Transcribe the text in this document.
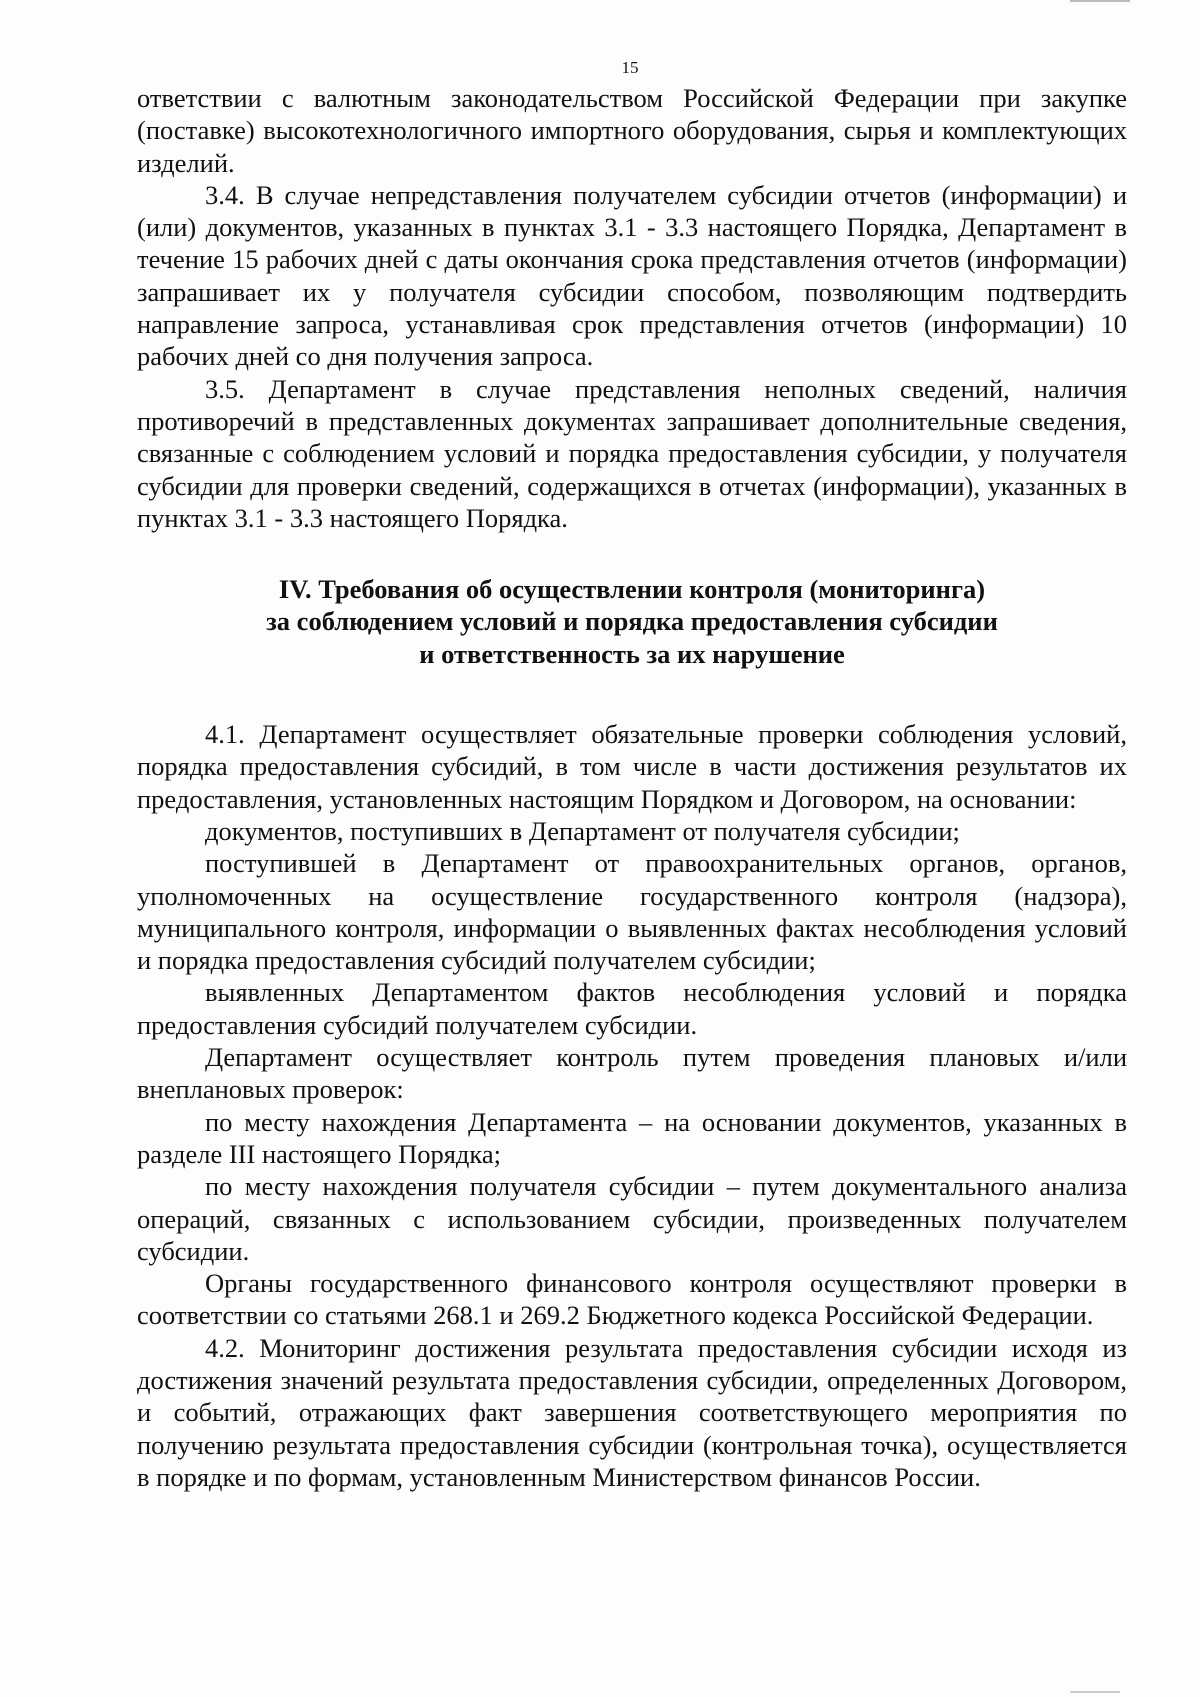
15

ответствии с валютным законодательством Российской Федерации при закупке (поставке) высокотехнологичного импортного оборудования, сырья и комплектующих изделий.

3.4. В случае непредставления получателем субсидии отчетов (информации) и (или) документов, указанных в пунктах 3.1 - 3.3 настоящего Порядка, Департамент в течение 15 рабочих дней с даты окончания срока представления отчетов (информации) запрашивает их у получателя субсидии способом, позволяющим подтвердить направление запроса, устанавливая срок представления отчетов (информации) 10 рабочих дней со дня получения запроса.

3.5. Департамент в случае представления неполных сведений, наличия противоречий в представленных документах запрашивает дополнительные сведения, связанные с соблюдением условий и порядка предоставления субсидии, у получателя субсидии для проверки сведений, содержащихся в отчетах (информации), указанных в пунктах 3.1 - 3.3 настоящего Порядка.

IV. Требования об осуществлении контроля (мониторинга)
за соблюдением условий и порядка предоставления субсидии
и ответственность за их нарушение

4.1. Департамент осуществляет обязательные проверки соблюдения условий, порядка предоставления субсидий, в том числе в части достижения результатов их предоставления, установленных настоящим Порядком и Договором, на основании:

документов, поступивших в Департамент от получателя субсидии;

поступившей в Департамент от правоохранительных органов, органов, уполномоченных на осуществление государственного контроля (надзора), муниципального контроля, информации о выявленных фактах несоблюдения условий и порядка предоставления субсидий получателем субсидии;

выявленных Департаментом фактов несоблюдения условий и порядка предоставления субсидий получателем субсидии.

Департамент осуществляет контроль путем проведения плановых и/или внеплановых проверок:

по месту нахождения Департамента – на основании документов, указанных в разделе III настоящего Порядка;

по месту нахождения получателя субсидии – путем документального анализа операций, связанных с использованием субсидии, произведенных получателем субсидии.

Органы государственного финансового контроля осуществляют проверки в соответствии со статьями 268.1 и 269.2 Бюджетного кодекса Российской Федерации.

4.2. Мониторинг достижения результата предоставления субсидии исходя из достижения значений результата предоставления субсидии, определенных Договором, и событий, отражающих факт завершения соответствующего мероприятия по получению результата предоставления субсидии (контрольная точка), осуществляется в порядке и по формам, установленным Министерством финансов России.
